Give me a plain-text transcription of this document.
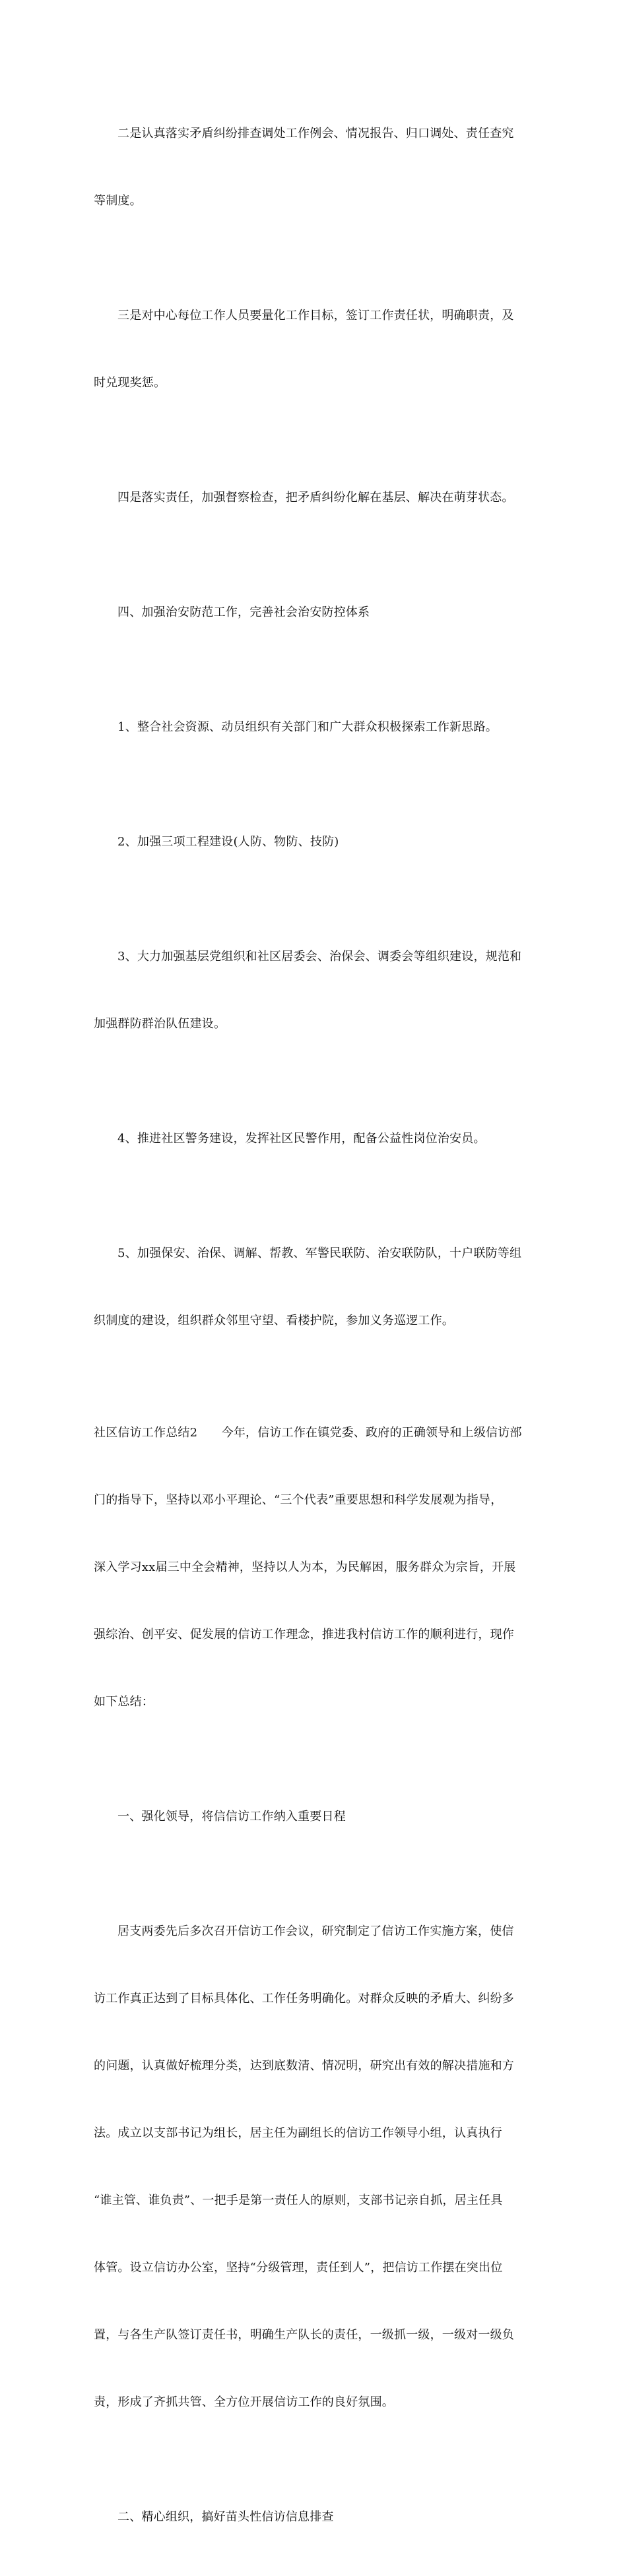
二是认真落实矛盾纠纷排查调处工作例会、情况报告、归口调处、责任查究

等制度。

三是对中心每位工作人员要量化工作目标，签订工作责任状，明确职责，及

时兑现奖惩。

四是落实责任，加强督察检查，把矛盾纠纷化解在基层、解决在萌芽状态。

四、加强治安防范工作，完善社会治安防控体系

1、整合社会资源、动员组织有关部门和广大群众积极探索工作新思路。

2、加强三项工程建设(人防、物防、技防)

3、大力加强基层党组织和社区居委会、治保会、调委会等组织建设，规范和

加强群防群治队伍建设。

4、推进社区警务建设，发挥社区民警作用，配备公益性岗位治安员。

5、加强保安、治保、调解、帮教、军警民联防、治安联防队，十户联防等组

织制度的建设，组织群众邻里守望、看楼护院，参加义务巡逻工作。

社区信访工作总结2　　今年，信访工作在镇党委、政府的正确领导和上级信访部

门的指导下，坚持以邓小平理论、“三个代表”重要思想和科学发展观为指导，

深入学习xx届三中全会精神，坚持以人为本，为民解困，服务群众为宗旨，开展

强综治、创平安、促发展的信访工作理念，推进我村信访工作的顺利进行，现作

如下总结：

一、强化领导，将信信访工作纳入重要日程

居支两委先后多次召开信访工作会议，研究制定了信访工作实施方案，使信

访工作真正达到了目标具体化、工作任务明确化。对群众反映的矛盾大、纠纷多

的问题，认真做好梳理分类，达到底数清、情况明，研究出有效的解决措施和方

法。成立以支部书记为组长，居主任为副组长的信访工作领导小组，认真执行

“谁主管、谁负责”、一把手是第一责任人的原则，支部书记亲自抓，居主任具

体管。设立信访办公室，坚持“分级管理，责任到人”，把信访工作摆在突出位

置，与各生产队签订责任书，明确生产队长的责任，一级抓一级，一级对一级负

责，形成了齐抓共管、全方位开展信访工作的良好氛围。

二、精心组织，搞好苗头性信访信息排查
